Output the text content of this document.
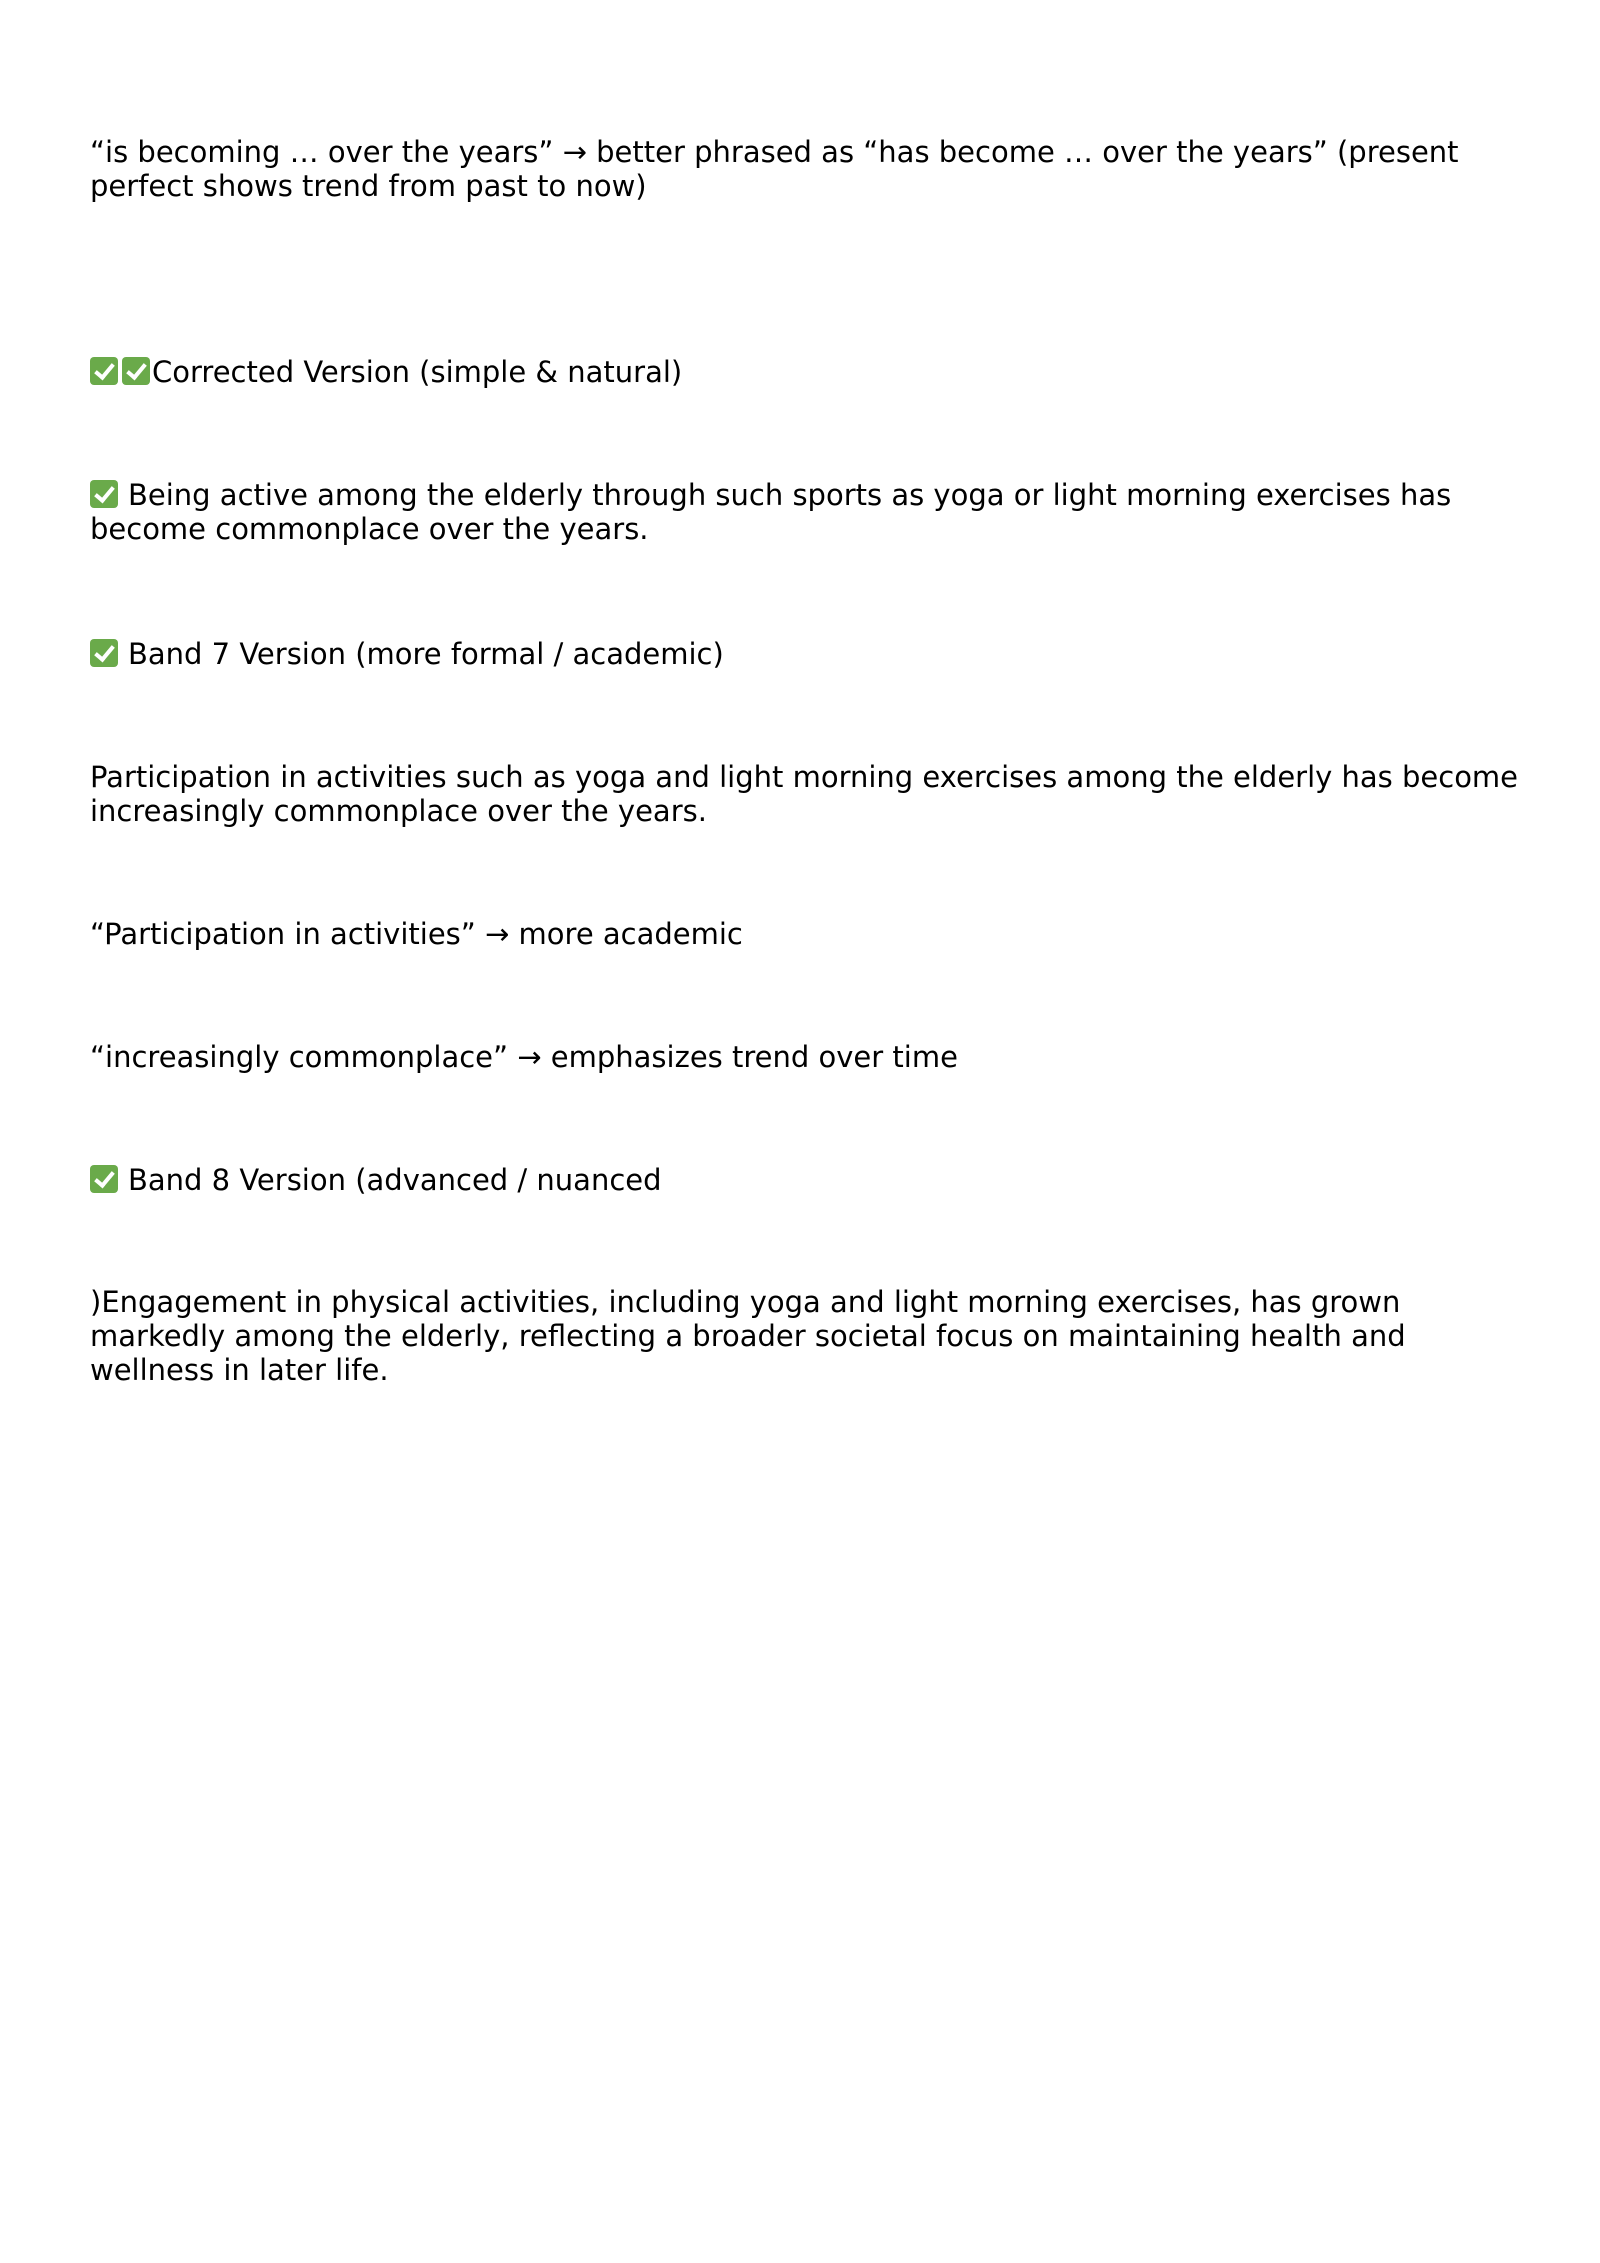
“is becoming … over the years” → better phrased as “has become … over the years” (present perfect shows trend from past to now)

Corrected Version (simple & natural)

Being active among the elderly through such sports as yoga or light morning exercises has become commonplace over the years.

Band 7 Version (more formal / academic)

Participation in activities such as yoga and light morning exercises among the elderly has become increasingly commonplace over the years.

“Participation in activities” → more academic

“increasingly commonplace” → emphasizes trend over time

Band 8 Version (advanced / nuanced

)Engagement in physical activities, including yoga and light morning exercises, has grown markedly among the elderly, reflecting a broader societal focus on maintaining health and wellness in later life.
